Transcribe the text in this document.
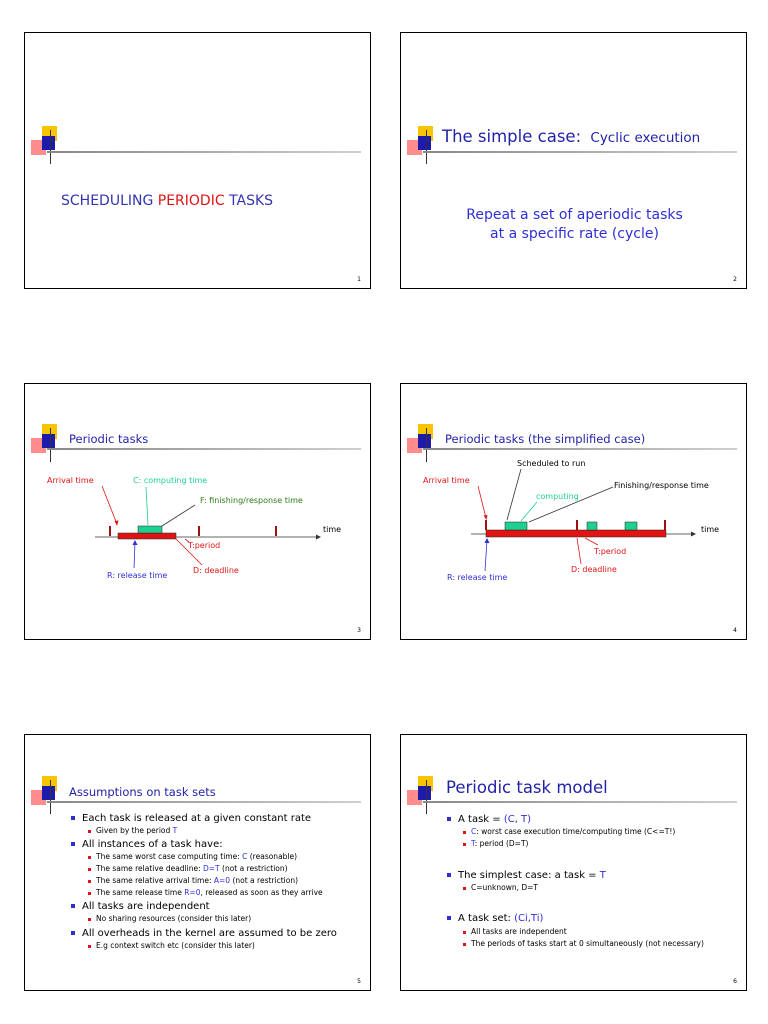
SCHEDULING PERIODIC TASKS
1
The simple case: Cyclic execution
Repeat a set of aperiodic tasks
at a specific rate (cycle)
2
Periodic tasks
Arrival time	C: computing time
F: finishing/response time
time
T:period
D: deadline
R: release time
3
Periodic tasks (the simplified case)
Scheduled to run
Arrival time
computing
Finishing/response time
time
T:period
D: deadline
R: release time
4
Assumptions on task sets
Each task is released at a given constant rate
Given by the period T
All instances of a task have:
The same worst case computing time: C (reasonable)
The same relative deadline: D=T (not a restriction)
The same relative arrival time: A=0 (not a restriction)
The same release time R=0, released as soon as they arrive
All tasks are independent
No sharing resources (consider this later)
All overheads in the kernel are assumed to be zero
E.g context switch etc (consider this later)
5
Periodic task model
A task = (C, T)
C: worst case execution time/computing time (C<=T!)
T: period (D=T)
The simplest case: a task = T
C=unknown, D=T
A task set: (Ci,Ti)
All tasks are independent
The periods of tasks start at 0 simultaneously (not necessary)
6
